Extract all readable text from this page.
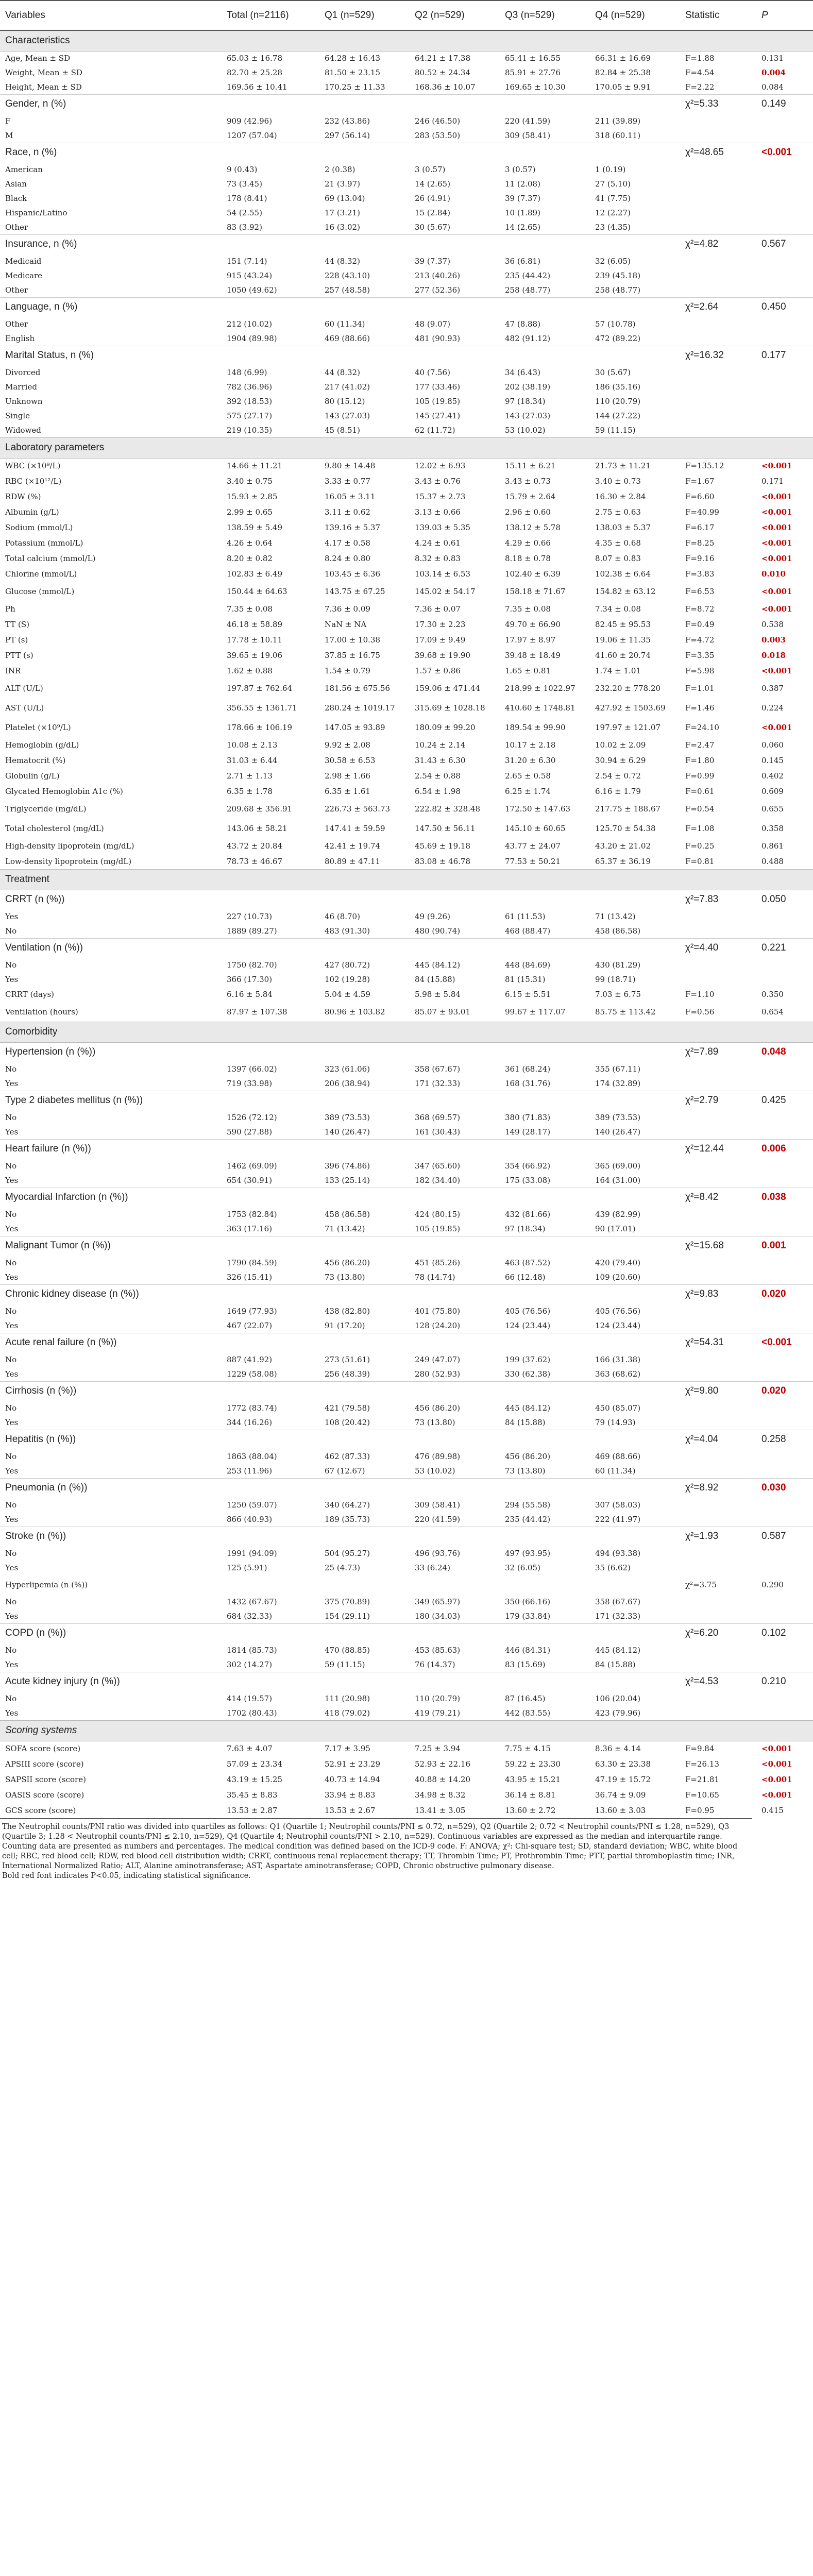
Variables	Total (n=2116)	Q1 (n=529)	Q2 (n=529)	Q3 (n=529)	Q4 (n=529)	Statistic	P
Characteristics							
Age, Mean ± SD	65.03 ± 16.78	64.28 ± 16.43	64.21 ± 17.38	65.41 ± 16.55	66.31 ± 16.69	F=1.88	0.131
Weight, Mean ± SD	82.70 ± 25.28	81.50 ± 23.15	80.52 ± 24.34	85.91 ± 27.76	82.84 ± 25.38	F=4.54	0.004
Height, Mean ± SD	169.56 ± 10.41	170.25 ± 11.33	168.36 ± 10.07	169.65 ± 10.30	170.05 ± 9.91	F=2.22	0.084
Gender, n (%)						χ²=5.33	0.149
F	909 (42.96)	232 (43.86)	246 (46.50)	220 (41.59)	211 (39.89)		
M	1207 (57.04)	297 (56.14)	283 (53.50)	309 (58.41)	318 (60.11)		
Race, n (%)						χ²=48.65	<0.001
American	9 (0.43)	2 (0.38)	3 (0.57)	3 (0.57)	1 (0.19)		
Asian	73 (3.45)	21 (3.97)	14 (2.65)	11 (2.08)	27 (5.10)		
Black	178 (8.41)	69 (13.04)	26 (4.91)	39 (7.37)	41 (7.75)		
Hispanic/Latino	54 (2.55)	17 (3.21)	15 (2.84)	10 (1.89)	12 (2.27)		
Other	83 (3.92)	16 (3.02)	30 (5.67)	14 (2.65)	23 (4.35)		
Insurance, n (%)						χ²=4.82	0.567
Medicaid	151 (7.14)	44 (8.32)	39 (7.37)	36 (6.81)	32 (6.05)		
Medicare	915 (43.24)	228 (43.10)	213 (40.26)	235 (44.42)	239 (45.18)		
Other	1050 (49.62)	257 (48.58)	277 (52.36)	258 (48.77)	258 (48.77)		
Language, n (%)						χ²=2.64	0.450
Other	212 (10.02)	60 (11.34)	48 (9.07)	47 (8.88)	57 (10.78)		
English	1904 (89.98)	469 (88.66)	481 (90.93)	482 (91.12)	472 (89.22)		
Marital Status, n (%)						χ²=16.32	0.177
Divorced	148 (6.99)	44 (8.32)	40 (7.56)	34 (6.43)	30 (5.67)		
Married	782 (36.96)	217 (41.02)	177 (33.46)	202 (38.19)	186 (35.16)		
Unknown	392 (18.53)	80 (15.12)	105 (19.85)	97 (18.34)	110 (20.79)		
Single	575 (27.17)	143 (27.03)	145 (27.41)	143 (27.03)	144 (27.22)		
Widowed	219 (10.35)	45 (8.51)	62 (11.72)	53 (10.02)	59 (11.15)		
Laboratory parameters							
WBC (×10⁹/L)	14.66 ± 11.21	9.80 ± 14.48	12.02 ± 6.93	15.11 ± 6.21	21.73 ± 11.21	F=135.12	<0.001
RBC (×10¹²/L)	3.40 ± 0.75	3.33 ± 0.77	3.43 ± 0.76	3.43 ± 0.73	3.40 ± 0.73	F=1.67	0.171
RDW (%)	15.93 ± 2.85	16.05 ± 3.11	15.37 ± 2.73	15.79 ± 2.64	16.30 ± 2.84	F=6.60	<0.001
Albumin (g/L)	2.99 ± 0.65	3.11 ± 0.62	3.13 ± 0.66	2.96 ± 0.60	2.75 ± 0.63	F=40.99	<0.001
Sodium (mmol/L)	138.59 ± 5.49	139.16 ± 5.37	139.03 ± 5.35	138.12 ± 5.78	138.03 ± 5.37	F=6.17	<0.001
Potassium (mmol/L)	4.26 ± 0.64	4.17 ± 0.58	4.24 ± 0.61	4.29 ± 0.66	4.35 ± 0.68	F=8.25	<0.001
Total calcium (mmol/L)	8.20 ± 0.82	8.24 ± 0.80	8.32 ± 0.83	8.18 ± 0.78	8.07 ± 0.83	F=9.16	<0.001
Chlorine (mmol/L)	102.83 ± 6.49	103.45 ± 6.36	103.14 ± 6.53	102.40 ± 6.39	102.38 ± 6.64	F=3.83	0.010
Glucose (mmol/L)	150.44 ± 64.63	143.75 ± 67.25	145.02 ± 54.17	158.18 ± 71.67	154.82 ± 63.12	F=6.53	<0.001
Ph	7.35 ± 0.08	7.36 ± 0.09	7.36 ± 0.07	7.35 ± 0.08	7.34 ± 0.08	F=8.72	<0.001
TT (S)	46.18 ± 58.89	NaN ± NA	17.30 ± 2.23	49.70 ± 66.90	82.45 ± 95.53	F=0.49	0.538
PT (s)	17.78 ± 10.11	17.00 ± 10.38	17.09 ± 9.49	17.97 ± 8.97	19.06 ± 11.35	F=4.72	0.003
PTT (s)	39.65 ± 19.06	37.85 ± 16.75	39.68 ± 19.90	39.48 ± 18.49	41.60 ± 20.74	F=3.35	0.018
INR	1.62 ± 0.88	1.54 ± 0.79	1.57 ± 0.86	1.65 ± 0.81	1.74 ± 1.01	F=5.98	<0.001
ALT (U/L)	197.87 ± 762.64	181.56 ± 675.56	159.06 ± 471.44	218.99 ± 1022.97	232.20 ± 778.20	F=1.01	0.387
AST (U/L)	356.55 ± 1361.71	280.24 ± 1019.17	315.69 ± 1028.18	410.60 ± 1748.81	427.92 ± 1503.69	F=1.46	0.224
Platelet (×10⁹/L)	178.66 ± 106.19	147.05 ± 93.89	180.09 ± 99.20	189.54 ± 99.90	197.97 ± 121.07	F=24.10	<0.001
Hemoglobin (g/dL)	10.08 ± 2.13	9.92 ± 2.08	10.24 ± 2.14	10.17 ± 2.18	10.02 ± 2.09	F=2.47	0.060
Hematocrit (%)	31.03 ± 6.44	30.58 ± 6.53	31.43 ± 6.30	31.20 ± 6.30	30.94 ± 6.29	F=1.80	0.145
Globulin (g/L)	2.71 ± 1.13	2.98 ± 1.66	2.54 ± 0.88	2.65 ± 0.58	2.54 ± 0.72	F=0.99	0.402
Glycated Hemoglobin A1c (%)	6.35 ± 1.78	6.35 ± 1.61	6.54 ± 1.98	6.25 ± 1.74	6.16 ± 1.79	F=0.61	0.609
Triglyceride (mg/dL)	209.68 ± 356.91	226.73 ± 563.73	222.82 ± 328.48	172.50 ± 147.63	217.75 ± 188.67	F=0.54	0.655
Total cholesterol (mg/dL)	143.06 ± 58.21	147.41 ± 59.59	147.50 ± 56.11	145.10 ± 60.65	125.70 ± 54.38	F=1.08	0.358
High-density lipoprotein (mg/dL)	43.72 ± 20.84	42.41 ± 19.74	45.69 ± 19.18	43.77 ± 24.07	43.20 ± 21.02	F=0.25	0.861
Low-density lipoprotein (mg/dL)	78.73 ± 46.67	80.89 ± 47.11	83.08 ± 46.78	77.53 ± 50.21	65.37 ± 36.19	F=0.81	0.488
Treatment							
CRRT (n (%))						χ²=7.83	0.050
Yes	227 (10.73)	46 (8.70)	49 (9.26)	61 (11.53)	71 (13.42)		
No	1889 (89.27)	483 (91.30)	480 (90.74)	468 (88.47)	458 (86.58)		
Ventilation (n (%))						χ²=4.40	0.221
No	1750 (82.70)	427 (80.72)	445 (84.12)	448 (84.69)	430 (81.29)		
Yes	366 (17.30)	102 (19.28)	84 (15.88)	81 (15.31)	99 (18.71)		
CRRT (days)	6.16 ± 5.84	5.04 ± 4.59	5.98 ± 5.84	6.15 ± 5.51	7.03 ± 6.75	F=1.10	0.350
Ventilation (hours)	87.97 ± 107.38	80.96 ± 103.82	85.07 ± 93.01	99.67 ± 117.07	85.75 ± 113.42	F=0.56	0.654
Comorbidity							
Hypertension (n (%))						χ²=7.89	0.048
No	1397 (66.02)	323 (61.06)	358 (67.67)	361 (68.24)	355 (67.11)		
Yes	719 (33.98)	206 (38.94)	171 (32.33)	168 (31.76)	174 (32.89)		
Type 2 diabetes mellitus (n (%))						χ²=2.79	0.425
No	1526 (72.12)	389 (73.53)	368 (69.57)	380 (71.83)	389 (73.53)		
Yes	590 (27.88)	140 (26.47)	161 (30.43)	149 (28.17)	140 (26.47)		
Heart failure (n (%))						χ²=12.44	0.006
No	1462 (69.09)	396 (74.86)	347 (65.60)	354 (66.92)	365 (69.00)		
Yes	654 (30.91)	133 (25.14)	182 (34.40)	175 (33.08)	164 (31.00)		
Myocardial Infarction (n (%))						χ²=8.42	0.038
No	1753 (82.84)	458 (86.58)	424 (80.15)	432 (81.66)	439 (82.99)		
Yes	363 (17.16)	71 (13.42)	105 (19.85)	97 (18.34)	90 (17.01)		
Malignant Tumor (n (%))						χ²=15.68	0.001
No	1790 (84.59)	456 (86.20)	451 (85.26)	463 (87.52)	420 (79.40)		
Yes	326 (15.41)	73 (13.80)	78 (14.74)	66 (12.48)	109 (20.60)		
Chronic kidney disease (n (%))						χ²=9.83	0.020
No	1649 (77.93)	438 (82.80)	401 (75.80)	405 (76.56)	405 (76.56)		
Yes	467 (22.07)	91 (17.20)	128 (24.20)	124 (23.44)	124 (23.44)		
Acute renal failure (n (%))						χ²=54.31	<0.001
No	887 (41.92)	273 (51.61)	249 (47.07)	199 (37.62)	166 (31.38)		
Yes	1229 (58.08)	256 (48.39)	280 (52.93)	330 (62.38)	363 (68.62)		
Cirrhosis (n (%))						χ²=9.80	0.020
No	1772 (83.74)	421 (79.58)	456 (86.20)	445 (84.12)	450 (85.07)		
Yes	344 (16.26)	108 (20.42)	73 (13.80)	84 (15.88)	79 (14.93)		
Hepatitis (n (%))						χ²=4.04	0.258
No	1863 (88.04)	462 (87.33)	476 (89.98)	456 (86.20)	469 (88.66)		
Yes	253 (11.96)	67 (12.67)	53 (10.02)	73 (13.80)	60 (11.34)		
Pneumonia (n (%))						χ²=8.92	0.030
No	1250 (59.07)	340 (64.27)	309 (58.41)	294 (55.58)	307 (58.03)		
Yes	866 (40.93)	189 (35.73)	220 (41.59)	235 (44.42)	222 (41.97)		
Stroke (n (%))						χ²=1.93	0.587
No	1991 (94.09)	504 (95.27)	496 (93.76)	497 (93.95)	494 (93.38)		
Yes	125 (5.91)	25 (4.73)	33 (6.24)	32 (6.05)	35 (6.62)		
Hyperlipemia (n (%))						χ²=3.75	0.290
No	1432 (67.67)	375 (70.89)	349 (65.97)	350 (66.16)	358 (67.67)		
Yes	684 (32.33)	154 (29.11)	180 (34.03)	179 (33.84)	171 (32.33)		
COPD (n (%))						χ²=6.20	0.102
No	1814 (85.73)	470 (88.85)	453 (85.63)	446 (84.31)	445 (84.12)		
Yes	302 (14.27)	59 (11.15)	76 (14.37)	83 (15.69)	84 (15.88)		
Acute kidney injury (n (%))						χ²=4.53	0.210
No	414 (19.57)	111 (20.98)	110 (20.79)	87 (16.45)	106 (20.04)		
Yes	1702 (80.43)	418 (79.02)	419 (79.21)	442 (83.55)	423 (79.96)		
Scoring systems							
SOFA score (score)	7.63 ± 4.07	7.17 ± 3.95	7.25 ± 3.94	7.75 ± 4.15	8.36 ± 4.14	F=9.84	<0.001
APSIII score (score)	57.09 ± 23.34	52.91 ± 23.29	52.93 ± 22.16	59.22 ± 23.30	63.30 ± 23.38	F=26.13	<0.001
SAPSII score (score)	43.19 ± 15.25	40.73 ± 14.94	40.88 ± 14.20	43.95 ± 15.21	47.19 ± 15.72	F=21.81	<0.001
OASIS score (score)	35.45 ± 8.83	33.94 ± 8.83	34.98 ± 8.32	36.14 ± 8.81	36.74 ± 9.09	F=10.65	<0.001
GCS score (score)	13.53 ± 2.87	13.53 ± 2.67	13.41 ± 3.05	13.60 ± 2.72	13.60 ± 3.03	F=0.95	0.415

The Neutrophil counts/PNI ratio was divided into quartiles as follows: Q1 (Quartile 1; Neutrophil counts/PNI ≤ 0.72, n=529), Q2 (Quartile 2; 0.72 < Neutrophil counts/PNI ≤ 1.28, n=529), Q3 (Quartile 3; 1.28 < Neutrophil counts/PNI ≤ 2.10, n=529), Q4 (Quartile 4; Neutrophil counts/PNI > 2.10, n=529). Continuous variables are expressed as the median and interquartile range. Counting data are presented as numbers and percentages. The medical condition was defined based on the ICD-9 code. F: ANOVA; χ²: Chi-square test; SD, standard deviation; WBC, white blood cell; RBC, red blood cell; RDW, red blood cell distribution width; CRRT, continuous renal replacement therapy; TT, Thrombin Time; PT, Prothrombin Time; PTT, partial thromboplastin time; INR, International Normalized Ratio; ALT, Alanine aminotransferase; AST, Aspartate aminotransferase; COPD, Chronic obstructive pulmonary disease.

Bold red font indicates P<0.05, indicating statistical significance.
